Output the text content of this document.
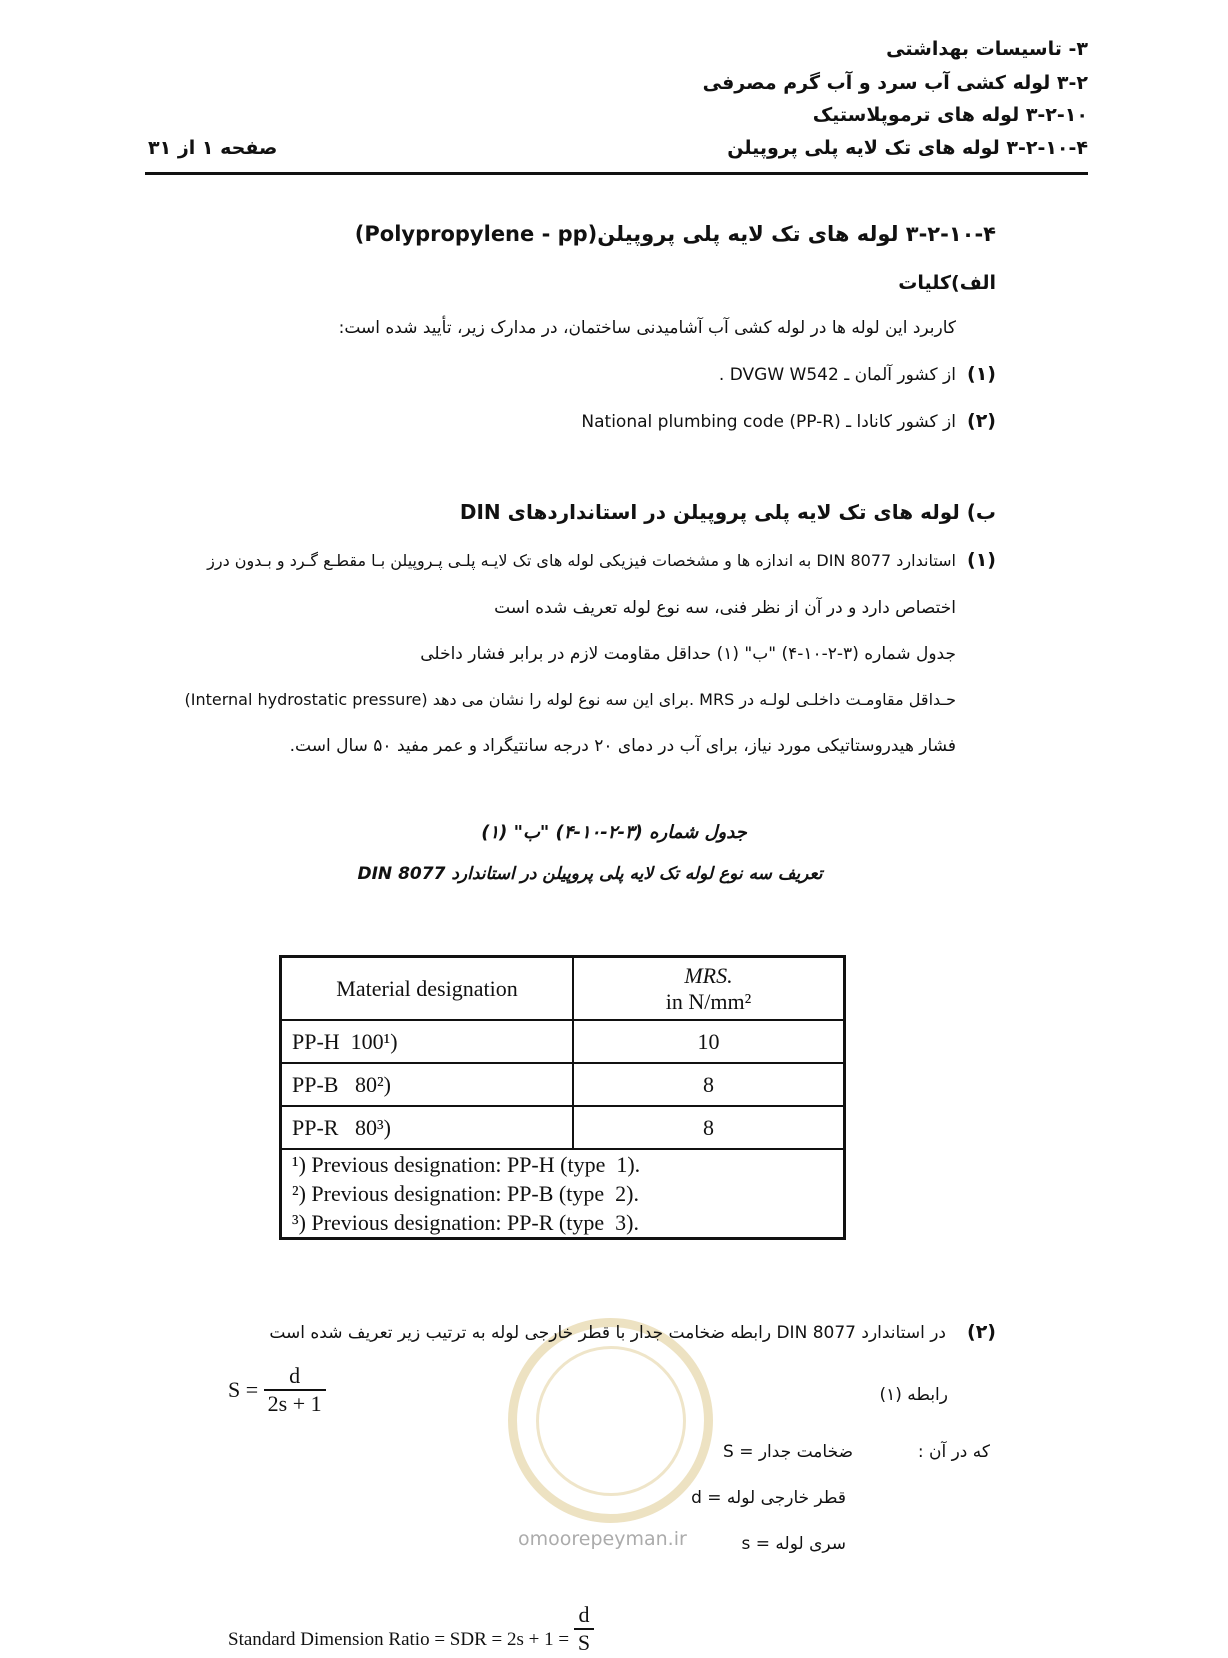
۳- تاسیسات بهداشتی
۳-۲ لوله کشی آب سرد و آب گرم مصرفی
۳-۲-۱۰ لوله های ترموپلاستیک
۳-۲-۱۰-۴ لوله های تک لایه پلی پروپیلن
صفحه ۱ از ۳۱
۳-۲-۱۰-۴ لوله های تک لایه پلی پروپیلن(Polypropylene - pp)
الف)کلیات
کاربرد این لوله ها در لوله کشی آب آشامیدنی ساختمان، در مدارک زیر، تأیید شده است:
(۱)
از کشور آلمان ـ DVGW W542 .
(۲)
از کشور کانادا ـ National plumbing code (PP-R)
ب) لوله های تک لایه پلی پروپیلن در استانداردهای DIN
(۱)
استاندارد DIN 8077 به اندازه ها و مشخصات فیزیکی لوله های تک لایـه پلـی پـروپیلن بـا مقطـع گـرد و بـدون درز
اختصاص دارد و در آن از نظر فنی، سه نوع لوله تعریف شده است
جدول شماره (۳-۲-۱۰-۴) "ب" (۱) حداقل مقاومت لازم در برابر فشار داخلی
(Internal hydrostatic pressure) برای این سه نوع لوله را نشان می دهد. MRS حـداقل مقاومـت داخلـی لولـه در
فشار هیدروستاتیکی مورد نیاز، برای آب در دمای ۲۰ درجه سانتیگراد و عمر مفید ۵۰ سال است.
جدول شماره (۳-۲-۱۰-۴) "ب" (۱)
تعریف سه نوع لوله تک لایه پلی پروپیلن در استاندارد DIN 8077
Material designation	MRS.
in N/mm²

PP-H  100¹)	10
PP-B   80²)	8
PP-R   80³)	8

¹) Previous designation: PP-H (type  1).
²) Previous designation: PP-B (type  2).
³) Previous designation: PP-R (type  3).	
omoorepeyman.ir
(۲)
در استاندارد DIN 8077 رابطه ضخامت جدار با قطر خارجی لوله به ترتیب زیر تعریف شده است
$S = \frac{d}{2s + 1}$	رابطه (۱)
که در آن :
S = ضخامت جدار
d = قطر خارجی لوله
s = سری لوله
Standard Dimension Ratio = SDR = $2s + 1 = \frac{d}{S}$
